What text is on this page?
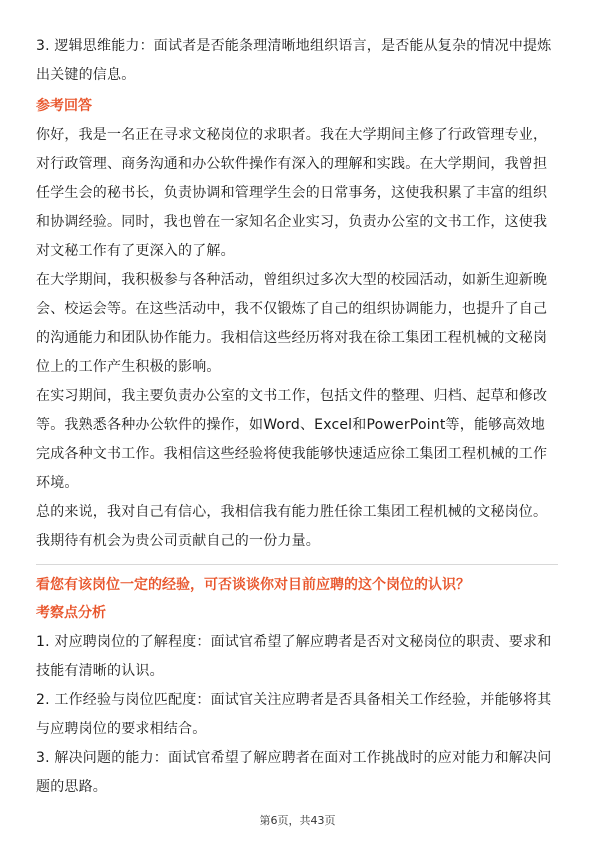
3. 逻辑思维能力：面试者是否能条理清晰地组织语言，是否能从复杂的情况中提炼出关键的信息。

参考回答

你好，我是一名正在寻求文秘岗位的求职者。我在大学期间主修了行政管理专业，对行政管理、商务沟通和办公软件操作有深入的理解和实践。在大学期间，我曾担任学生会的秘书长，负责协调和管理学生会的日常事务，这使我积累了丰富的组织和协调经验。同时，我也曾在一家知名企业实习，负责办公室的文书工作，这使我对文秘工作有了更深入的了解。

在大学期间，我积极参与各种活动，曾组织过多次大型的校园活动，如新生迎新晚会、校运会等。在这些活动中，我不仅锻炼了自己的组织协调能力，也提升了自己的沟通能力和团队协作能力。我相信这些经历将对我在徐工集团工程机械的文秘岗位上的工作产生积极的影响。

在实习期间，我主要负责办公室的文书工作，包括文件的整理、归档、起草和修改等。我熟悉各种办公软件的操作，如Word、Excel和PowerPoint等，能够高效地完成各种文书工作。我相信这些经验将使我能够快速适应徐工集团工程机械的工作环境。

总的来说，我对自己有信心，我相信我有能力胜任徐工集团工程机械的文秘岗位。我期待有机会为贵公司贡献自己的一份力量。

看您有该岗位一定的经验，可否谈谈你对目前应聘的这个岗位的认识？

考察点分析

1. 对应聘岗位的了解程度：面试官希望了解应聘者是否对文秘岗位的职责、要求和技能有清晰的认识。

2. 工作经验与岗位匹配度：面试官关注应聘者是否具备相关工作经验，并能够将其与应聘岗位的要求相结合。

3. 解决问题的能力：面试官希望了解应聘者在面对工作挑战时的应对能力和解决问题的思路。

第6页，共43页
